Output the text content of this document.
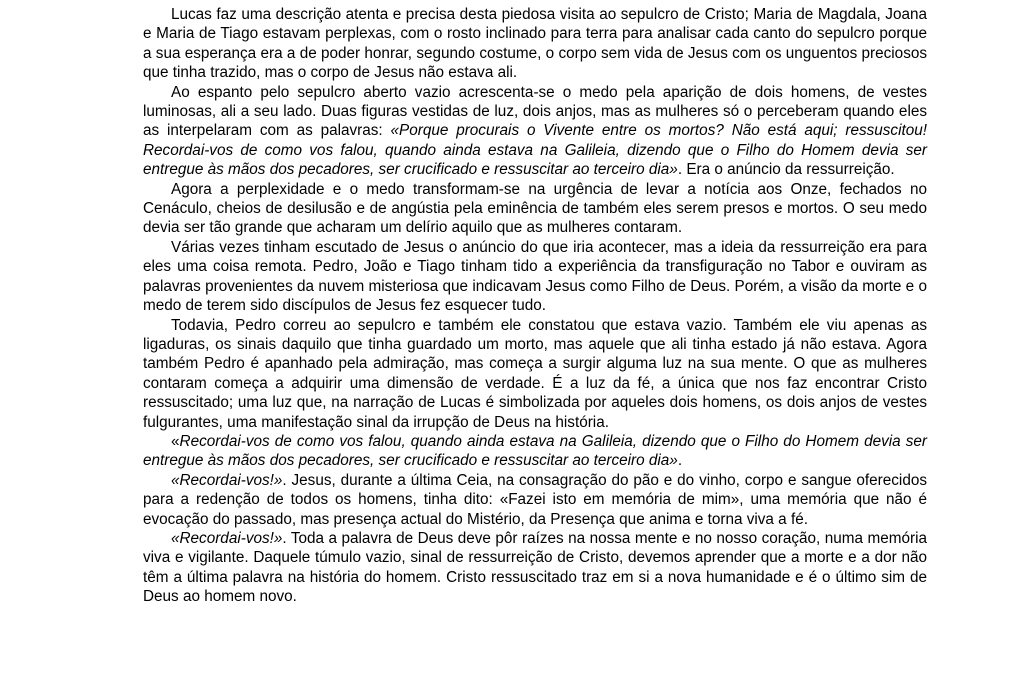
Lucas faz uma descrição atenta e precisa desta piedosa visita ao sepulcro de Cristo; Maria de Magdala, Joana e Maria de Tiago estavam perplexas, com o rosto inclinado para terra para analisar cada canto do sepulcro porque a sua esperança era a de poder honrar, segundo costume, o corpo sem vida de Jesus com os unguentos preciosos que tinha trazido, mas o corpo de Jesus não estava ali.

Ao espanto pelo sepulcro aberto vazio acrescenta-se o medo pela aparição de dois homens, de vestes luminosas, ali a seu lado. Duas figuras vestidas de luz, dois anjos, mas as mulheres só o perceberam quando eles as interpelaram com as palavras: «Porque procurais o Vivente entre os mortos? Não está aqui; ressuscitou! Recordai-vos de como vos falou, quando ainda estava na Galileia, dizendo que o Filho do Homem devia ser entregue às mãos dos pecadores, ser crucificado e ressuscitar ao terceiro dia». Era o anúncio da ressurreição.

Agora a perplexidade e o medo transformam-se na urgência de levar a notícia aos Onze, fechados no Cenáculo, cheios de desilusão e de angústia pela eminência de também eles serem presos e mortos. O seu medo devia ser tão grande que acharam um delírio aquilo que as mulheres contaram.

Várias vezes tinham escutado de Jesus o anúncio do que iria acontecer, mas a ideia da ressurreição era para eles uma coisa remota. Pedro, João e Tiago tinham tido a experiência da transfiguração no Tabor e ouviram as palavras provenientes da nuvem misteriosa que indicavam Jesus como Filho de Deus. Porém, a visão da morte e o medo de terem sido discípulos de Jesus fez esquecer tudo.

Todavia, Pedro correu ao sepulcro e também ele constatou que estava vazio. Também ele viu apenas as ligaduras, os sinais daquilo que tinha guardado um morto, mas aquele que ali tinha estado já não estava. Agora também Pedro é apanhado pela admiração, mas começa a surgir alguma luz na sua mente. O que as mulheres contaram começa a adquirir uma dimensão de verdade. É a luz da fé, a única que nos faz encontrar Cristo ressuscitado; uma luz que, na narração de Lucas é simbolizada por aqueles dois homens, os dois anjos de vestes fulgurantes, uma manifestação sinal da irrupção de Deus na história.

«Recordai-vos de como vos falou, quando ainda estava na Galileia, dizendo que o Filho do Homem devia ser entregue às mãos dos pecadores, ser crucificado e ressuscitar ao terceiro dia».

«Recordai-vos!». Jesus, durante a última Ceia, na consagração do pão e do vinho, corpo e sangue oferecidos para a redenção de todos os homens, tinha dito: «Fazei isto em memória de mim», uma memória que não é evocação do passado, mas presença actual do Mistério, da Presença que anima e torna viva a fé.

«Recordai-vos!». Toda a palavra de Deus deve pôr raízes na nossa mente e no nosso coração, numa memória viva e vigilante. Daquele túmulo vazio, sinal de ressurreição de Cristo, devemos aprender que a morte e a dor não têm a última palavra na história do homem. Cristo ressuscitado traz em si a nova humanidade e é o último sim de Deus ao homem novo.
